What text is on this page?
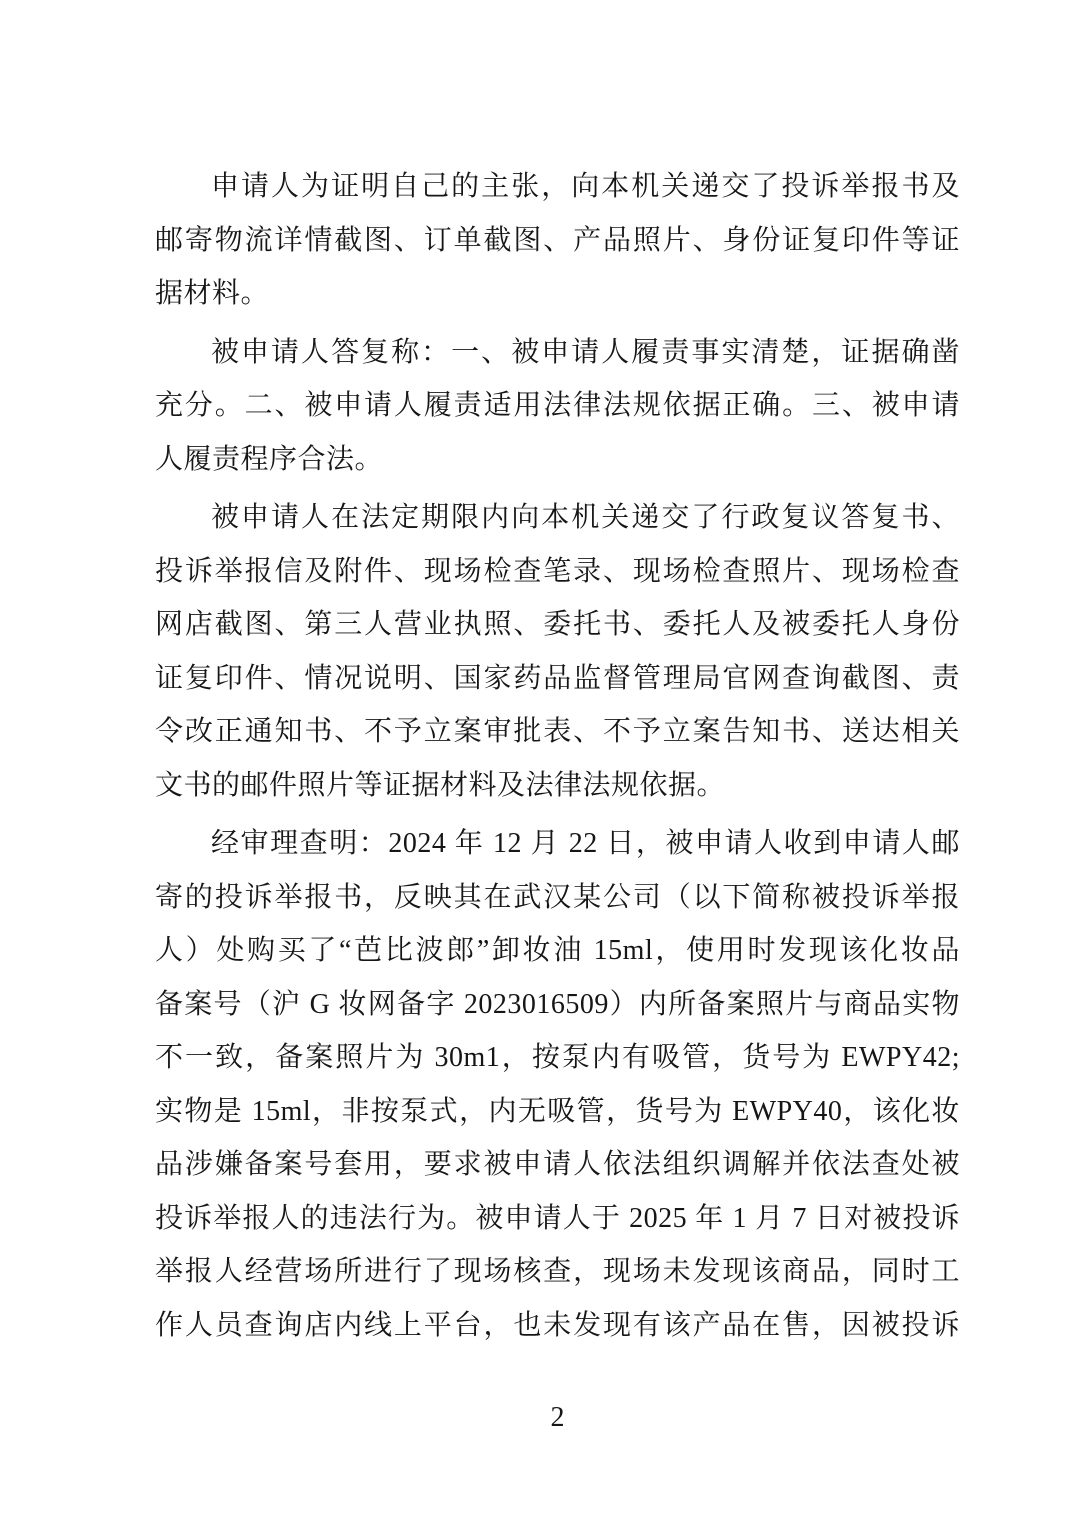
申请人为证明自己的主张，向本机关递交了投诉举报书及
邮寄物流详情截图、订单截图、产品照片、身份证复印件等证
据材料。
被申请人答复称：一、被申请人履责事实清楚，证据确凿
充分。二、被申请人履责适用法律法规依据正确。三、被申请
人履责程序合法。
被申请人在法定期限内向本机关递交了行政复议答复书、
投诉举报信及附件、现场检查笔录、现场检查照片、现场检查
网店截图、第三人营业执照、委托书、委托人及被委托人身份
证复印件、情况说明、国家药品监督管理局官网查询截图、责
令改正通知书、不予立案审批表、不予立案告知书、送达相关
文书的邮件照片等证据材料及法律法规依据。
经审理查明：2024 年 12 月 22 日，被申请人收到申请人邮
寄的投诉举报书，反映其在武汉某公司（以下简称被投诉举报
人）处购买了“芭比波郎”卸妆油 15ml，使用时发现该化妆品
备案号（沪 G 妆网备字 2023016509）内所备案照片与商品实物
不一致，备案照片为 30m1，按泵内有吸管，货号为 EWPY42;
实物是 15ml，非按泵式，内无吸管，货号为 EWPY40，该化妆
品涉嫌备案号套用，要求被申请人依法组织调解并依法查处被
投诉举报人的违法行为。被申请人于 2025 年 1 月 7 日对被投诉
举报人经营场所进行了现场核查，现场未发现该商品，同时工
作人员查询店内线上平台，也未发现有该产品在售，因被投诉
2
